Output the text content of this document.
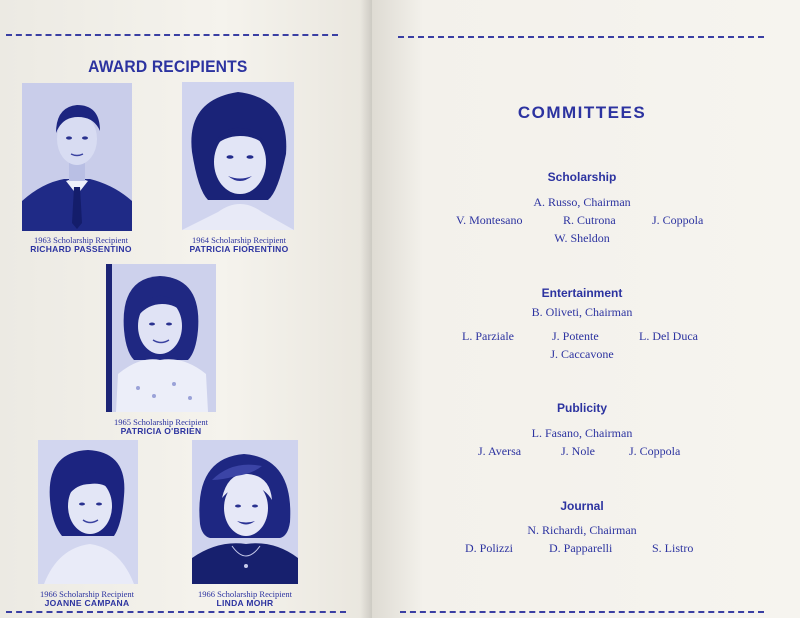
AWARD RECIPIENTS
1963 Scholarship Recipient
RICHARD PASSENTINO
1964 Scholarship Recipient
PATRICIA FIORENTINO
1965 Scholarship Recipient
PATRICIA O'BRIEN
1966 Scholarship Recipient
JOANNE CAMPANA
1966 Scholarship Recipient
LINDA MOHR
COMMITTEES
Scholarship
A. Russo, Chairman
V. Montesano	R. Cutrona	J. Coppola
W. Sheldon
Entertainment
B. Oliveti, Chairman
L. Parziale	J. Potente	L. Del Duca
J. Caccavone
Publicity
L. Fasano, Chairman
J. Aversa	J. Nole	J. Coppola
Journal
N. Richardi, Chairman
D. Polizzi	D. Papparelli	S. Listro
